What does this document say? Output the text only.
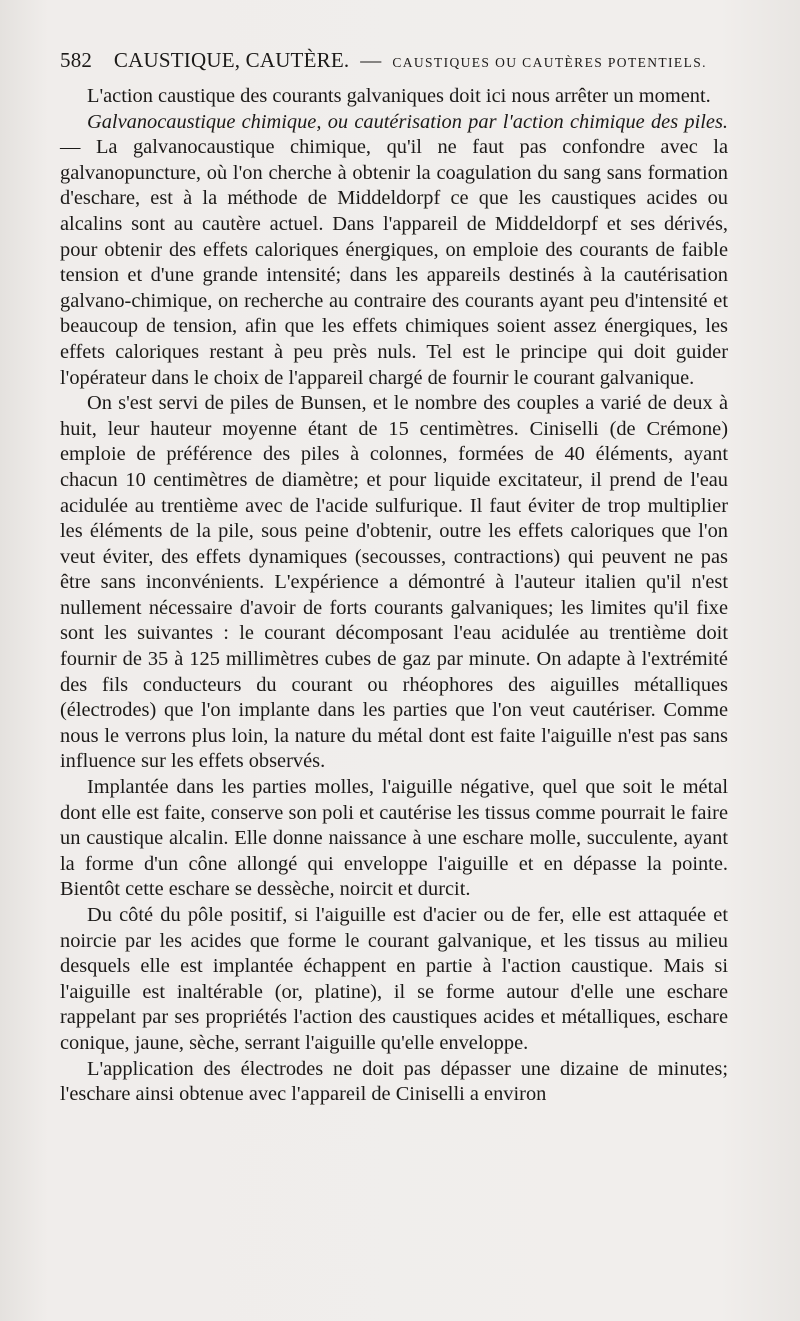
582 CAUSTIQUE, CAUTÈRE. — CAUSTIQUES OU CAUTÈRES POTENTIELS.

L'action caustique des courants galvaniques doit ici nous arrêter un moment.

Galvanocaustique chimique, ou cautérisation par l'action chimique des piles. — La galvanocaustique chimique, qu'il ne faut pas confondre avec la galvanopuncture, où l'on cherche à obtenir la coagulation du sang sans formation d'eschare, est à la méthode de Middeldorpf ce que les caustiques acides ou alcalins sont au cautère actuel. Dans l'appareil de Middeldorpf et ses dérivés, pour obtenir des effets caloriques énergiques, on emploie des courants de faible tension et d'une grande intensité; dans les appareils destinés à la cautérisation galvano-chimique, on recherche au contraire des courants ayant peu d'intensité et beaucoup de tension, afin que les effets chimiques soient assez énergiques, les effets caloriques restant à peu près nuls. Tel est le principe qui doit guider l'opérateur dans le choix de l'appareil chargé de fournir le courant galvanique.

On s'est servi de piles de Bunsen, et le nombre des couples a varié de deux à huit, leur hauteur moyenne étant de 15 centimètres. Ciniselli (de Crémone) emploie de préférence des piles à colonnes, formées de 40 éléments, ayant chacun 10 centimètres de diamètre; et pour liquide excitateur, il prend de l'eau acidulée au trentième avec de l'acide sulfurique. Il faut éviter de trop multiplier les éléments de la pile, sous peine d'obtenir, outre les effets caloriques que l'on veut éviter, des effets dynamiques (secousses, contractions) qui peuvent ne pas être sans inconvénients. L'expérience a démontré à l'auteur italien qu'il n'est nullement nécessaire d'avoir de forts courants galvaniques; les limites qu'il fixe sont les suivantes : le courant décomposant l'eau acidulée au trentième doit fournir de 35 à 125 millimètres cubes de gaz par minute. On adapte à l'extrémité des fils conducteurs du courant ou rhéophores des aiguilles métalliques (électrodes) que l'on implante dans les parties que l'on veut cautériser. Comme nous le verrons plus loin, la nature du métal dont est faite l'aiguille n'est pas sans influence sur les effets observés.

Implantée dans les parties molles, l'aiguille négative, quel que soit le métal dont elle est faite, conserve son poli et cautérise les tissus comme pourrait le faire un caustique alcalin. Elle donne naissance à une eschare molle, succulente, ayant la forme d'un cône allongé qui enveloppe l'aiguille et en dépasse la pointe. Bientôt cette eschare se dessèche, noircit et durcit.

Du côté du pôle positif, si l'aiguille est d'acier ou de fer, elle est attaquée et noircie par les acides que forme le courant galvanique, et les tissus au milieu desquels elle est implantée échappent en partie à l'action caustique. Mais si l'aiguille est inaltérable (or, platine), il se forme autour d'elle une eschare rappelant par ses propriétés l'action des caustiques acides et métalliques, eschare conique, jaune, sèche, serrant l'aiguille qu'elle enveloppe.

L'application des électrodes ne doit pas dépasser une dizaine de minutes; l'eschare ainsi obtenue avec l'appareil de Ciniselli a environ
